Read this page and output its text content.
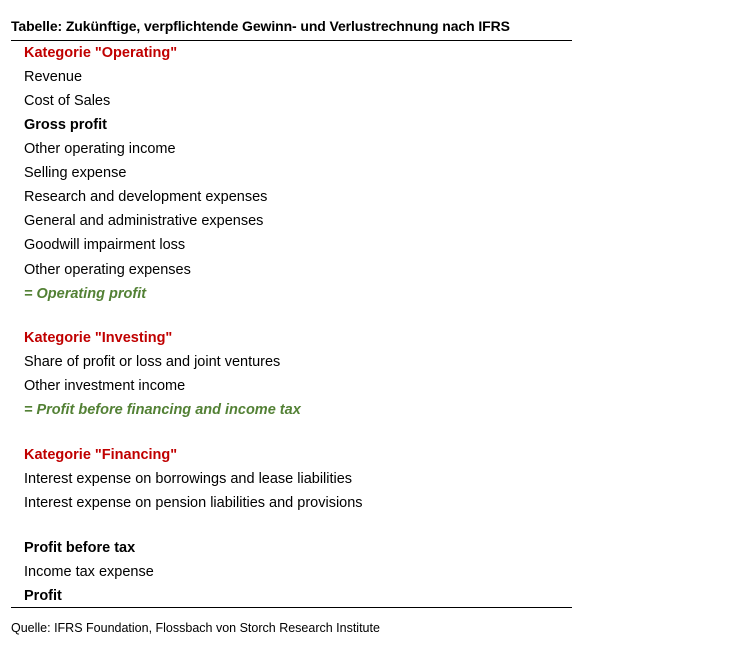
Tabelle: Zukünftige, verpflichtende Gewinn- und Verlustrechnung nach IFRS
Kategorie "Operating"
Revenue
Cost of Sales
Gross profit
Other operating income
Selling expense
Research and development expenses
General and administrative expenses
Goodwill impairment loss
Other operating expenses
= Operating profit
Kategorie "Investing"
Share of profit or loss and joint ventures
Other investment income
= Profit before financing and income tax
Kategorie "Financing"
Interest expense on borrowings and lease liabilities
Interest expense on pension liabilities and provisions
Profit before tax
Income tax expense
Profit
Quelle: IFRS Foundation, Flossbach von Storch Research Institute
